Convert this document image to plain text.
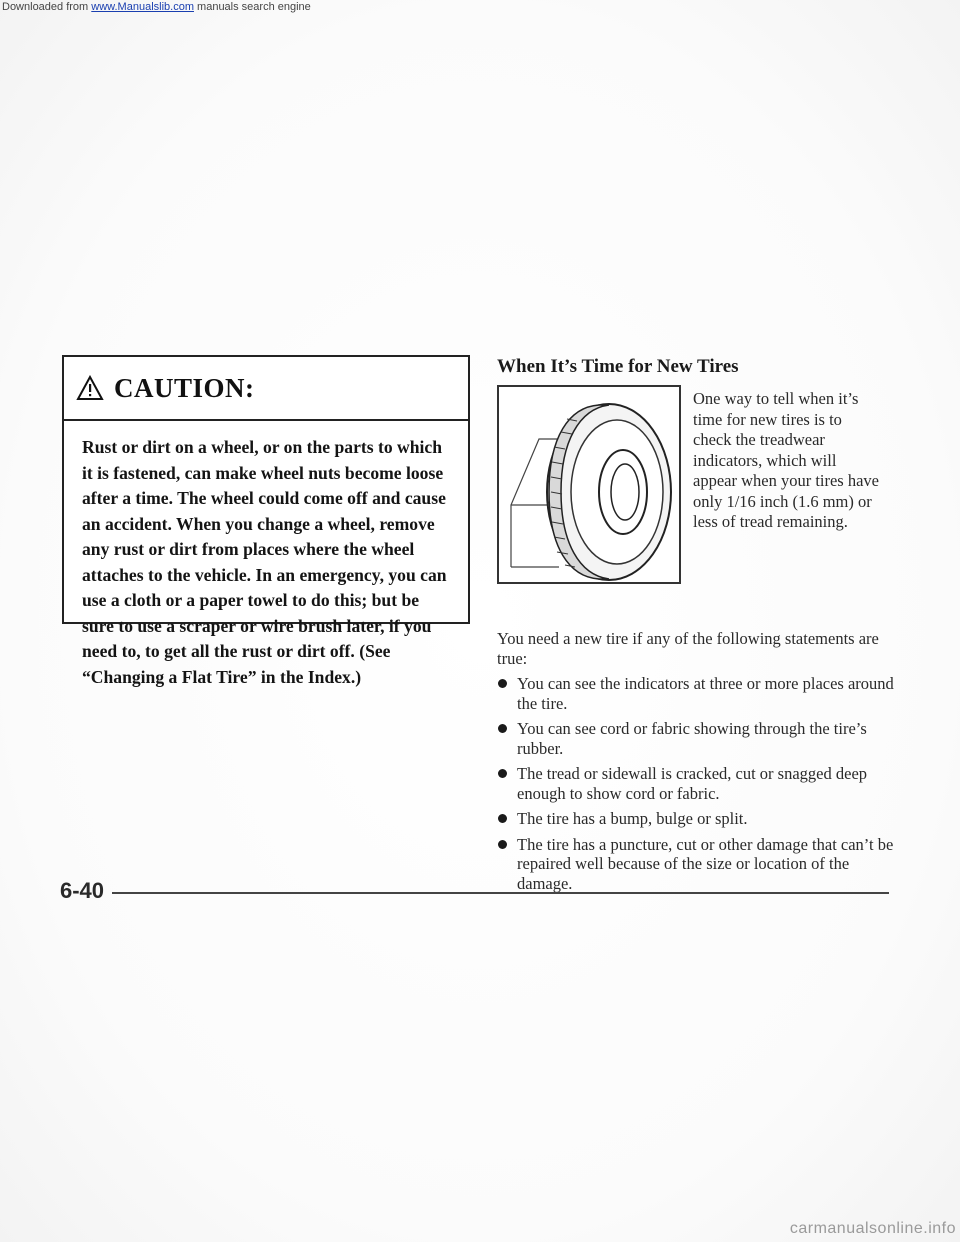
Downloaded from www.Manualslib.com manuals search engine
CAUTION:
Rust or dirt on a wheel, or on the parts to which it is fastened, can make wheel nuts become loose after a time. The wheel could come off and cause an accident. When you change a wheel, remove any rust or dirt from places where the wheel attaches to the vehicle. In an emergency, you can use a cloth or a paper towel to do this; but be sure to use a scraper or wire brush later, if you need to, to get all the rust or dirt off. (See “Changing a Flat Tire” in the Index.)
When It’s Time for New Tires
One way to tell when it’s time for new tires is to check the treadwear indicators, which will appear when your tires have only 1/16 inch (1.6 mm) or less of tread remaining.
You need a new tire if any of the following statements are true:
You can see the indicators at three or more places around the tire.
You can see cord or fabric showing through the tire’s rubber.
The tread or sidewall is cracked, cut or snagged deep enough to show cord or fabric.
The tire has a bump, bulge or split.
The tire has a puncture, cut or other damage that can’t be repaired well because of the size or location of the damage.
6-40
carmanualsonline.info
